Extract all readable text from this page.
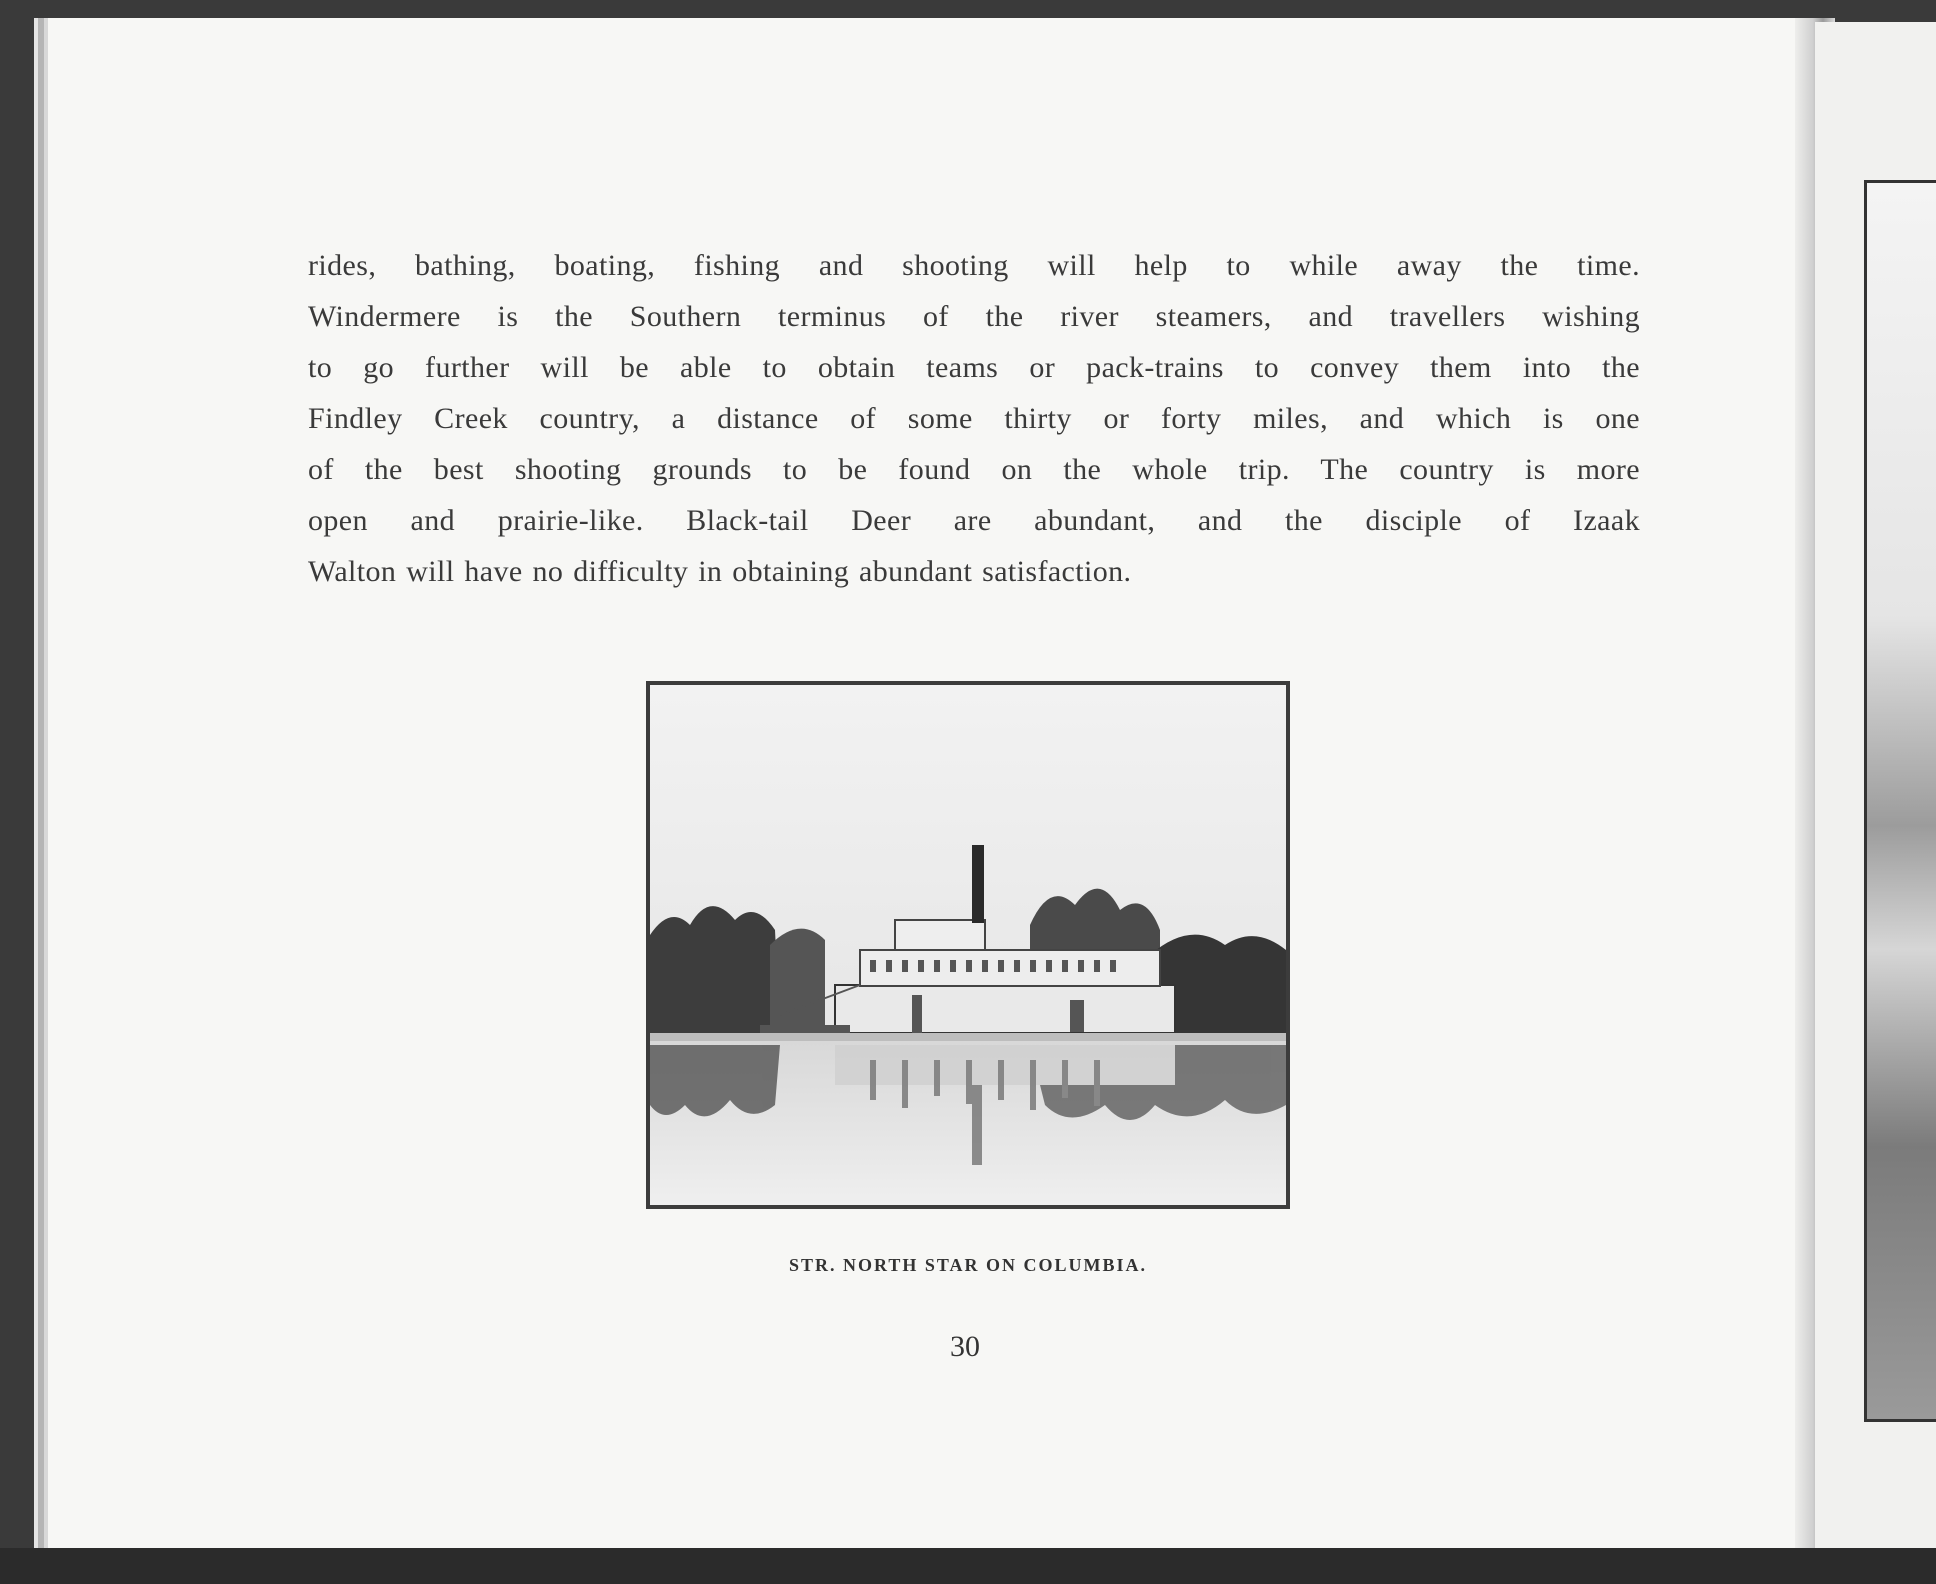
rides, bathing, boating, fishing and shooting will help to while away the time.
Windermere is the Southern terminus of the river steamers, and travellers wishing
to go further will be able to obtain teams or pack-trains to convey them into the
Findley Creek country, a distance of some thirty or forty miles, and which is one
of the best shooting grounds to be found on the whole trip. The country is more
open and prairie-like. Black-tail Deer are abundant, and the disciple of Izaak
Walton will have no difficulty in obtaining abundant satisfaction.
STR. NORTH STAR ON COLUMBIA.
30
